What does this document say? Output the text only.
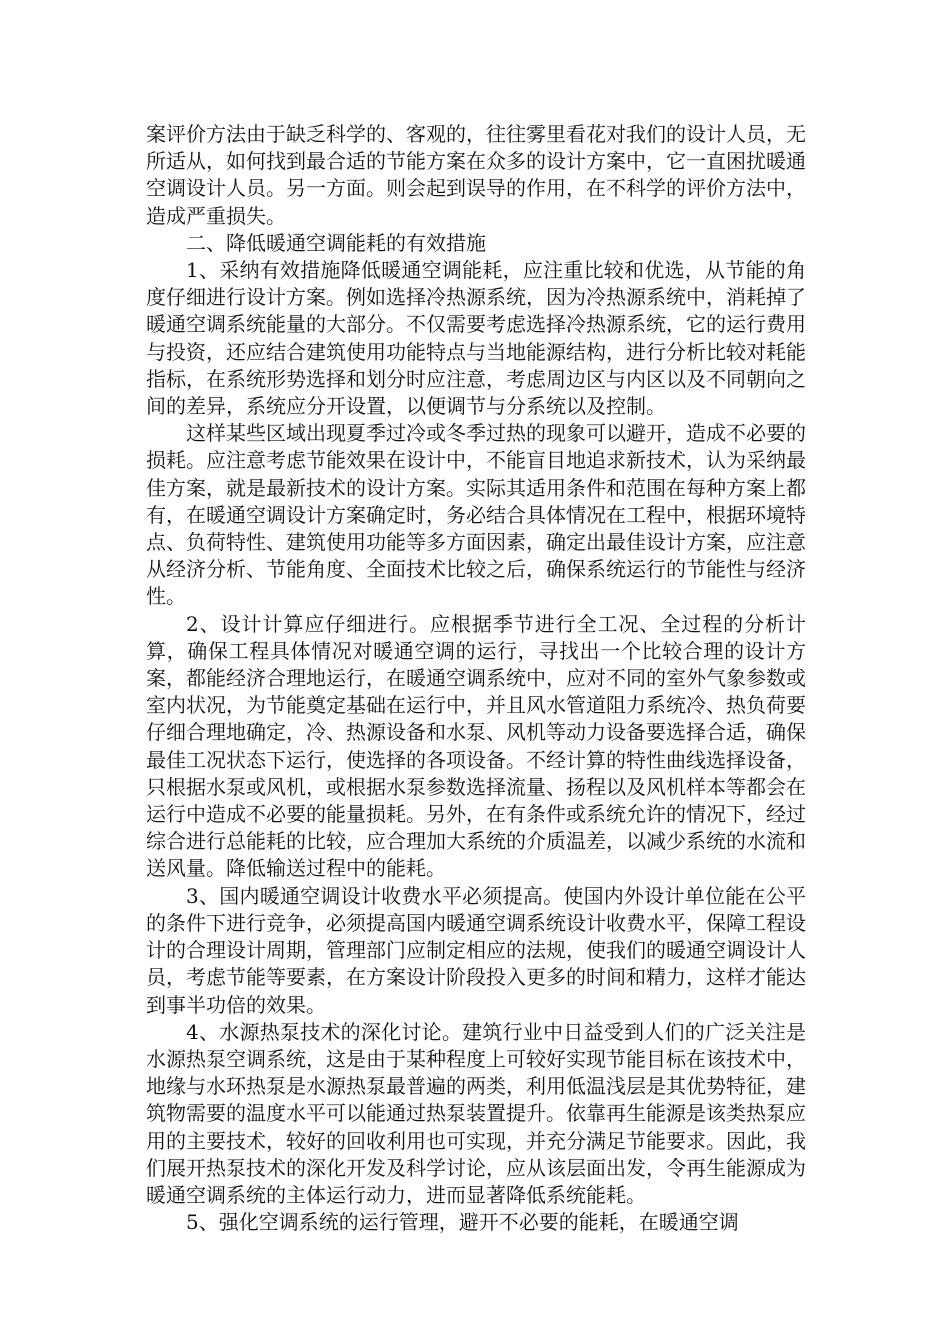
案评价方法由于缺乏科学的、客观的，往往雾里看花对我们的设计人员，无所适从，如何找到最合适的节能方案在众多的设计方案中，它一直困扰暖通空调设计人员。另一方面。则会起到误导的作用，在不科学的评价方法中，造成严重损失。

二、降低暖通空调能耗的有效措施

1、采纳有效措施降低暖通空调能耗，应注重比较和优选，从节能的角度仔细进行设计方案。例如选择冷热源系统，因为冷热源系统中，消耗掉了暖通空调系统能量的大部分。不仅需要考虑选择冷热源系统，它的运行费用与投资，还应结合建筑使用功能特点与当地能源结构，进行分析比较对耗能指标，在系统形势选择和划分时应注意，考虑周边区与内区以及不同朝向之间的差异，系统应分开设置，以便调节与分系统以及控制。

这样某些区域出现夏季过冷或冬季过热的现象可以避开，造成不必要的损耗。应注意考虑节能效果在设计中，不能盲目地追求新技术，认为采纳最佳方案，就是最新技术的设计方案。实际其适用条件和范围在每种方案上都有，在暖通空调设计方案确定时，务必结合具体情况在工程中，根据环境特点、负荷特性、建筑使用功能等多方面因素，确定出最佳设计方案，应注意从经济分析、节能角度、全面技术比较之后，确保系统运行的节能性与经济性。

2、设计计算应仔细进行。应根据季节进行全工况、全过程的分析计算，确保工程具体情况对暖通空调的运行，寻找出一个比较合理的设计方案，都能经济合理地运行，在暖通空调系统中，应对不同的室外气象参数或室内状况，为节能奠定基础在运行中，并且风水管道阻力系统冷、热负荷要仔细合理地确定，冷、热源设备和水泵、风机等动力设备要选择合适，确保最佳工况状态下运行，使选择的各项设备。不经计算的特性曲线选择设备，只根据水泵或风机，或根据水泵参数选择流量、扬程以及风机样本等都会在运行中造成不必要的能量损耗。另外，在有条件或系统允许的情况下，经过综合进行总能耗的比较，应合理加大系统的介质温差，以减少系统的水流和送风量。降低输送过程中的能耗。

3、国内暖通空调设计收费水平必须提高。使国内外设计单位能在公平的条件下进行竞争，必须提高国内暖通空调系统设计收费水平，保障工程设计的合理设计周期，管理部门应制定相应的法规，使我们的暖通空调设计人员，考虑节能等要素，在方案设计阶段投入更多的时间和精力，这样才能达到事半功倍的效果。

4、水源热泵技术的深化讨论。建筑行业中日益受到人们的广泛关注是水源热泵空调系统，这是由于某种程度上可较好实现节能目标在该技术中，地缘与水环热泵是水源热泵最普遍的两类，利用低温浅层是其优势特征，建筑物需要的温度水平可以能通过热泵装置提升。依靠再生能源是该类热泵应用的主要技术，较好的回收利用也可实现，并充分满足节能要求。因此，我们展开热泵技术的深化开发及科学讨论，应从该层面出发，令再生能源成为暖通空调系统的主体运行动力，进而显著降低系统能耗。

5、强化空调系统的运行管理，避开不必要的能耗，在暖通空调
